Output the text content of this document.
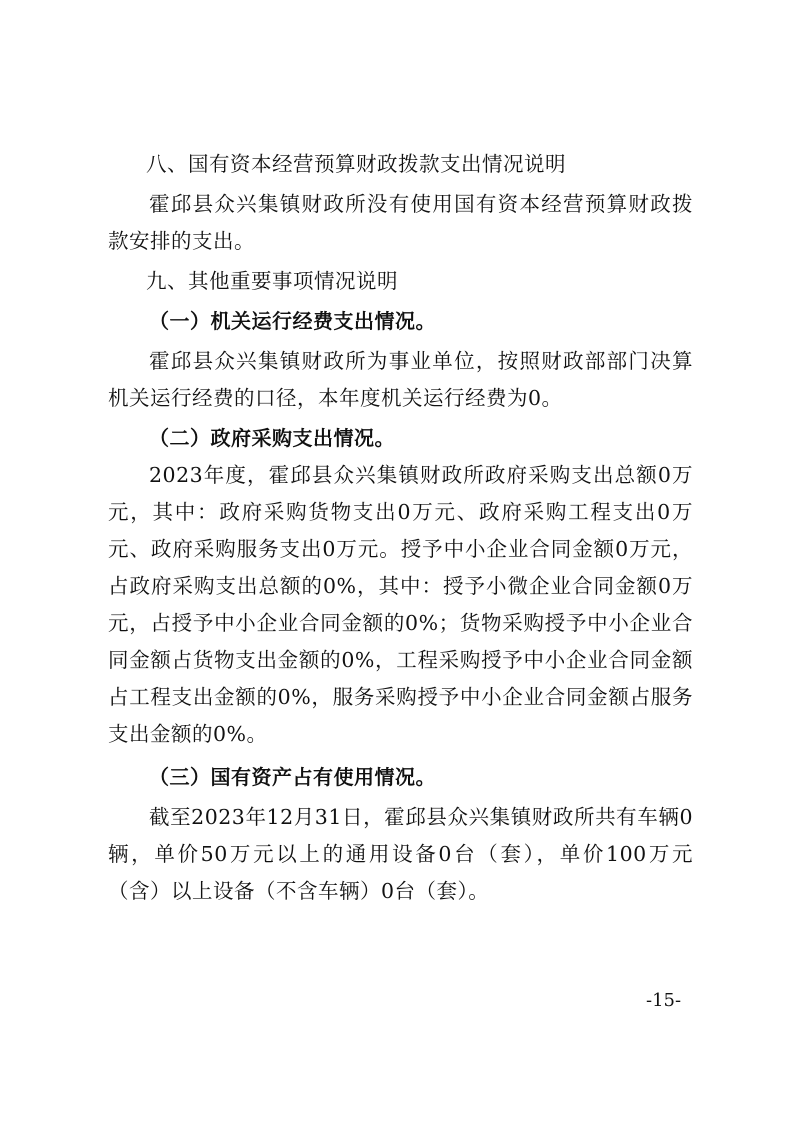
八、国有资本经营预算财政拨款支出情况说明

霍邱县众兴集镇财政所没有使用国有资本经营预算财政拨款安排的支出。

九、其他重要事项情况说明

（一）机关运行经费支出情况。

霍邱县众兴集镇财政所为事业单位，按照财政部部门决算机关运行经费的口径，本年度机关运行经费为0。

（二）政府采购支出情况。

2023年度，霍邱县众兴集镇财政所政府采购支出总额0万元，其中：政府采购货物支出0万元、政府采购工程支出0万元、政府采购服务支出0万元。授予中小企业合同金额0万元，占政府采购支出总额的0%，其中：授予小微企业合同金额0万元，占授予中小企业合同金额的0%；货物采购授予中小企业合同金额占货物支出金额的0%，工程采购授予中小企业合同金额占工程支出金额的0%，服务采购授予中小企业合同金额占服务支出金额的0%。

（三）国有资产占有使用情况。

截至2023年12月31日，霍邱县众兴集镇财政所共有车辆0辆，单价50万元以上的通用设备0台（套），单价100万元（含）以上设备（不含车辆）0台（套）。

-15-
